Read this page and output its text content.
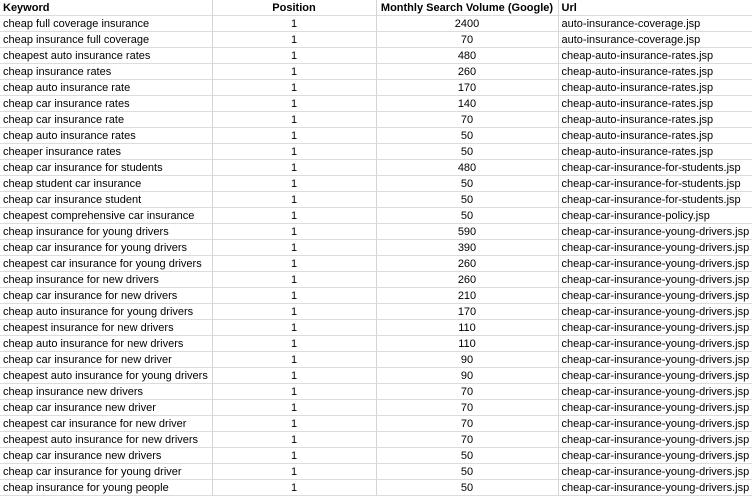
Keyword	Position	Monthly Search Volume (Google)	Url
cheap full coverage insurance	1	2400	auto-insurance-coverage.jsp
cheap insurance full coverage	1	70	auto-insurance-coverage.jsp
cheapest auto insurance rates	1	480	cheap-auto-insurance-rates.jsp
cheap insurance rates	1	260	cheap-auto-insurance-rates.jsp
cheap auto insurance rate	1	170	cheap-auto-insurance-rates.jsp
cheap car insurance rates	1	140	cheap-auto-insurance-rates.jsp
cheap car insurance rate	1	70	cheap-auto-insurance-rates.jsp
cheap auto insurance rates	1	50	cheap-auto-insurance-rates.jsp
cheaper insurance rates	1	50	cheap-auto-insurance-rates.jsp
cheap car insurance for students	1	480	cheap-car-insurance-for-students.jsp
cheap student car insurance	1	50	cheap-car-insurance-for-students.jsp
cheap car insurance student	1	50	cheap-car-insurance-for-students.jsp
cheapest comprehensive car insurance	1	50	cheap-car-insurance-policy.jsp
cheap insurance for young drivers	1	590	cheap-car-insurance-young-drivers.jsp
cheap car insurance for young drivers	1	390	cheap-car-insurance-young-drivers.jsp
cheapest car insurance for young drivers	1	260	cheap-car-insurance-young-drivers.jsp
cheap insurance for new drivers	1	260	cheap-car-insurance-young-drivers.jsp
cheap car insurance for new drivers	1	210	cheap-car-insurance-young-drivers.jsp
cheap auto insurance for young drivers	1	170	cheap-car-insurance-young-drivers.jsp
cheapest insurance for new drivers	1	110	cheap-car-insurance-young-drivers.jsp
cheap auto insurance for new drivers	1	110	cheap-car-insurance-young-drivers.jsp
cheap car insurance for new driver	1	90	cheap-car-insurance-young-drivers.jsp
cheapest auto insurance for young drivers	1	90	cheap-car-insurance-young-drivers.jsp
cheap insurance new drivers	1	70	cheap-car-insurance-young-drivers.jsp
cheap car insurance new driver	1	70	cheap-car-insurance-young-drivers.jsp
cheapest car insurance for new driver	1	70	cheap-car-insurance-young-drivers.jsp
cheapest auto insurance for new drivers	1	70	cheap-car-insurance-young-drivers.jsp
cheap car insurance new drivers	1	50	cheap-car-insurance-young-drivers.jsp
cheap car insurance for young driver	1	50	cheap-car-insurance-young-drivers.jsp
cheap insurance for young people	1	50	cheap-car-insurance-young-drivers.jsp
